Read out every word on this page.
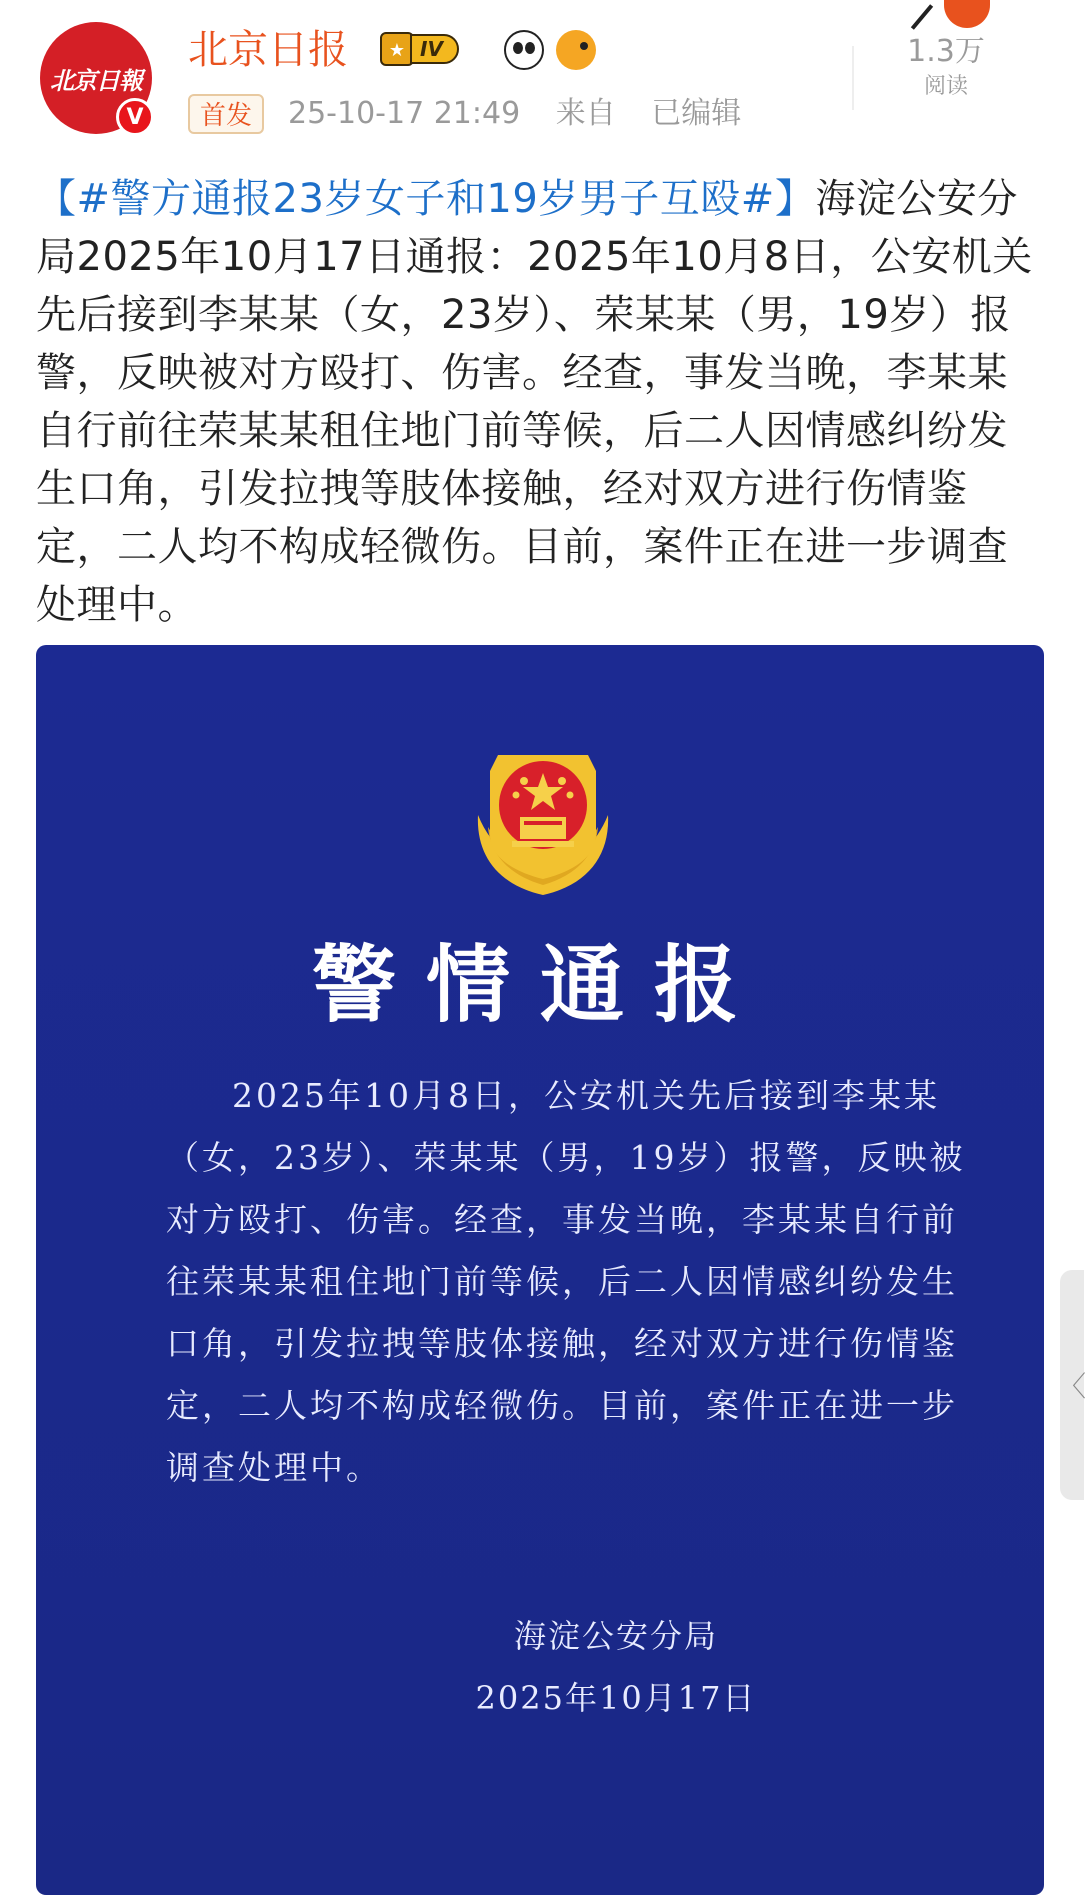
北京日報
V
北京日报	★ IV
首发	25-10-17 21:49 来自 已编辑
1.3万
阅读
【#警方通报23岁女子和19岁男子互殴#】海淀公安分局2025年10月17日通报：2025年10月8日，公安机关先后接到李某某（女，23岁）、荣某某（男，19岁）报警，反映被对方殴打、伤害。经查，事发当晚，李某某自行前往荣某某租住地门前等候，后二人因情感纠纷发生口角，引发拉拽等肢体接触，经对双方进行伤情鉴定，二人均不构成轻微伤。目前，案件正在进一步调查处理中。
警情通报
2025年10月8日，公安机关先后接到李某某（女，23岁）、荣某某（男，19岁）报警，反映被对方殴打、伤害。经查，事发当晚，李某某自行前往荣某某租住地门前等候，后二人因情感纠纷发生口角，引发拉拽等肢体接触，经对双方进行伤情鉴定，二人均不构成轻微伤。目前，案件正在进一步调查处理中。
海淀公安分局
2025年10月17日
〈
